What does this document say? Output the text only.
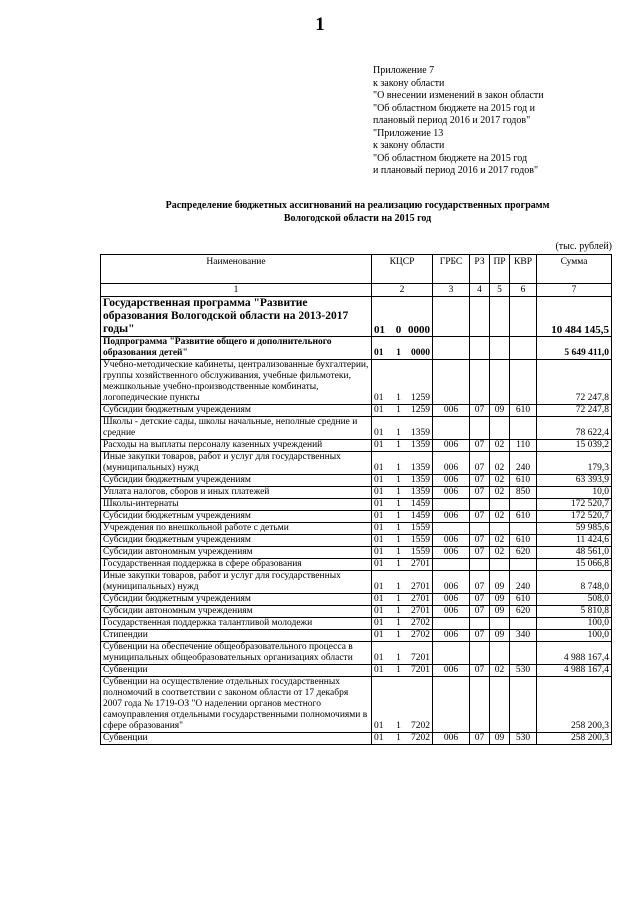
1
Приложение 7
к закону области
"О внесении изменений в закон области
"Об областном бюджете на 2015 год и
плановый период 2016 и 2017 годов"
"Приложение 13
к закону области
"Об областном бюджете на 2015 год
и плановый период 2016 и 2017 годов"
Распределение бюджетных ассигнований на реализацию государственных программ
Вологодской области на 2015 год
(тыс. рублей)
Наименование	КЦСР			ГРБС	РЗ	ПР	КВР	Сумма
1	2			3	4	5	6	7
Государственная программа "Развитие образования Вологодской области на 2013-2017 годы"	01	0	0000					10 484 145,5
Подпрограмма "Развитие общего и дополнительного образования детей"	01	1	0000					5 649 411,0
Учебно-методические кабинеты, централизованные бухгалтерии, группы хозяйственного обслуживания, учебные фильмотеки, межшкольные учебно-производственные комбинаты, логопедические пункты	01	1	1259					72 247,8
Субсидии бюджетным учреждениям	01	1	1259	006	07	09	610	72 247,8
Школы - детские сады, школы начальные, неполные средние и средние	01	1	1359					78 622,4
Расходы на выплаты персоналу казенных учреждений	01	1	1359	006	07	02	110	15 039,2
Иные закупки товаров, работ и услуг для государственных (муниципальных) нужд	01	1	1359	006	07	02	240	179,3
Субсидии бюджетным учреждениям	01	1	1359	006	07	02	610	63 393,9
Уплата налогов, сборов и иных платежей	01	1	1359	006	07	02	850	10,0
Школы-интернаты	01	1	1459					172 520,7
Субсидии бюджетным учреждениям	01	1	1459	006	07	02	610	172 520,7
Учреждения по внешкольной работе с детьми	01	1	1559					59 985,6
Субсидии бюджетным учреждениям	01	1	1559	006	07	02	610	11 424,6
Субсидии автономным учреждениям	01	1	1559	006	07	02	620	48 561,0
Государственная поддержка в сфере образования	01	1	2701					15 066,8
Иные закупки товаров, работ и услуг для государственных (муниципальных) нужд	01	1	2701	006	07	09	240	8 748,0
Субсидии бюджетным учреждениям	01	1	2701	006	07	09	610	508,0
Субсидии автономным учреждениям	01	1	2701	006	07	09	620	5 810,8
Государственная поддержка талантливой молодежи	01	1	2702					100,0
Стипендии	01	1	2702	006	07	09	340	100,0
Субвенции на обеспечение общеобразовательного процесса в муниципальных общеобразовательных организациях области	01	1	7201					4 988 167,4
Субвенции	01	1	7201	006	07	02	530	4 988 167,4
Субвенции на осуществление отдельных государственных полномочий в соответствии с законом области от 17 декабря 2007 года № 1719-ОЗ "О наделении органов местного самоуправления отдельными государственными полномочиями в сфере образования"	01	1	7202					258 200,3
Субвенции	01	1	7202	006	07	09	530	258 200,3
